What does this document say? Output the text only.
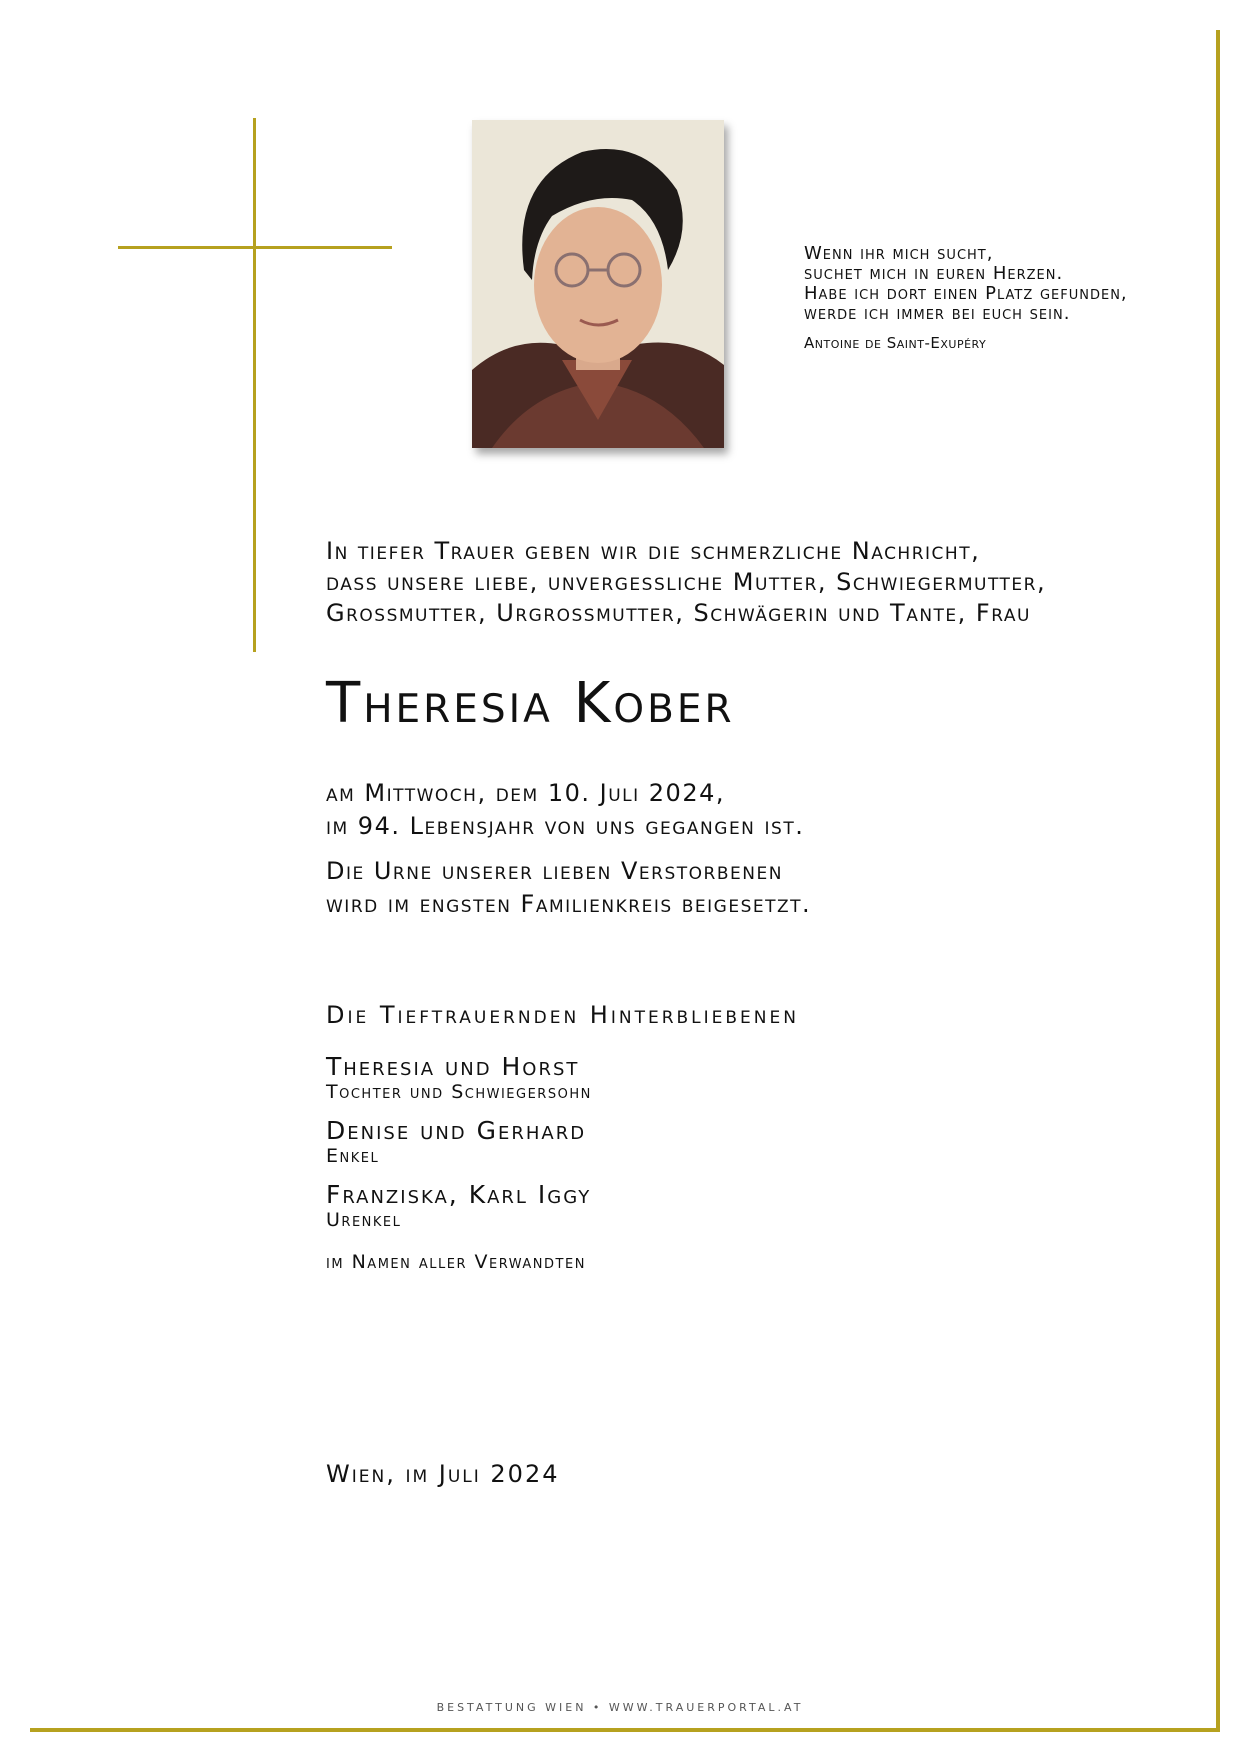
Wenn ihr mich sucht,
suchet mich in euren Herzen.
Habe ich dort einen Platz gefunden,
werde ich immer bei euch sein.
Antoine de Saint-Exupéry
In tiefer Trauer geben wir die schmerzliche Nachricht,
dass unsere liebe, unvergessliche Mutter, Schwiegermutter,
Grossmutter, Urgrossmutter, Schwägerin und Tante, Frau
Theresia Kober
am Mittwoch, dem 10. Juli 2024,
im 94. Lebensjahr von uns gegangen ist.
Die Urne unserer lieben Verstorbenen
wird im engsten Familienkreis beigesetzt.
Die Tieftrauernden Hinterbliebenen
Theresia und Horst
Tochter und Schwiegersohn
Denise und Gerhard
Enkel
Franziska, Karl Iggy
Urenkel
im Namen aller Verwandten
Wien, im Juli 2024
BESTATTUNG WIEN • WWW.TRAUERPORTAL.AT
